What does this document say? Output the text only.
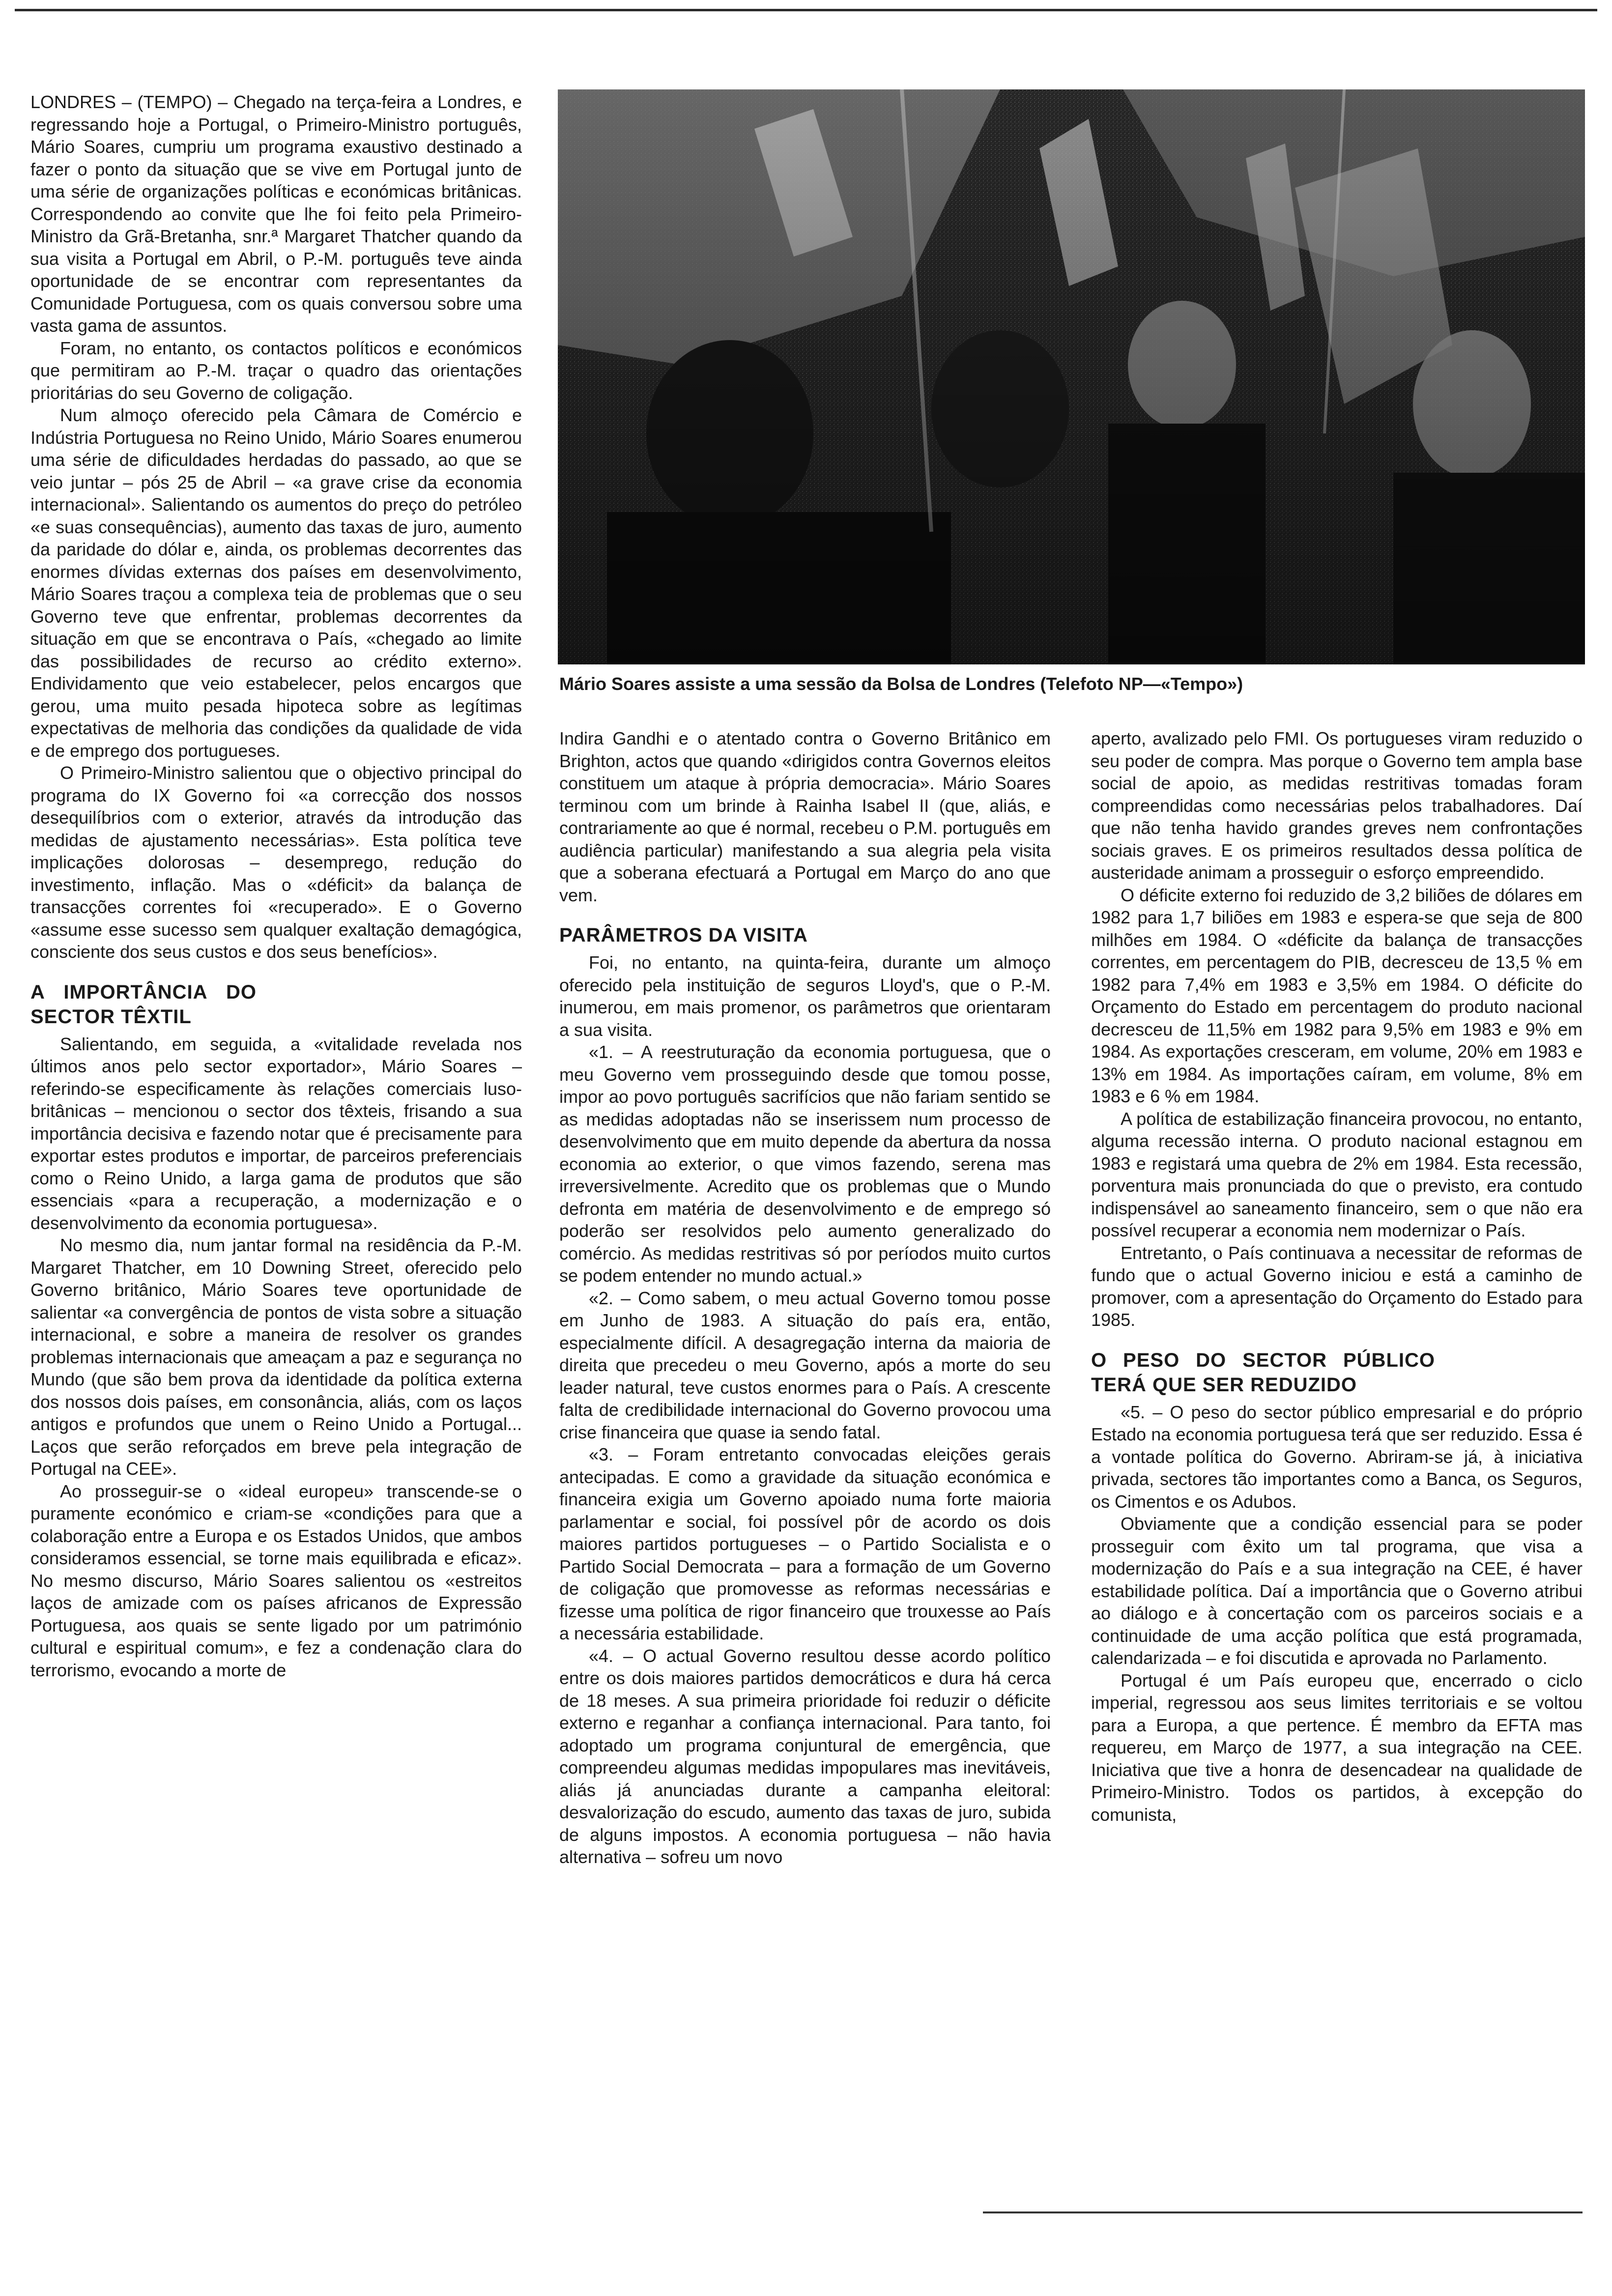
LONDRES – (TEMPO) – Chegado na terça-feira a Londres, e regressando hoje a Portugal, o Primeiro-Ministro português, Mário Soares, cumpriu um programa exaustivo destinado a fazer o ponto da situação que se vive em Portugal junto de uma série de organizações políticas e económicas britânicas. Correspondendo ao convite que lhe foi feito pela Primeiro-Ministro da Grã-Bretanha, snr.ª Margaret Thatcher quando da sua visita a Portugal em Abril, o P.-M. português teve ainda oportunidade de se encontrar com representantes da Comunidade Portuguesa, com os quais conversou sobre uma vasta gama de assuntos.

Foram, no entanto, os contactos políticos e económicos que permitiram ao P.-M. traçar o quadro das orientações prioritárias do seu Governo de coligação.

Num almoço oferecido pela Câmara de Comércio e Indústria Portuguesa no Reino Unido, Mário Soares enumerou uma série de dificuldades herdadas do passado, ao que se veio juntar – pós 25 de Abril – «a grave crise da economia internacional». Salientando os aumentos do preço do petróleo «e suas consequências), aumento das taxas de juro, aumento da paridade do dólar e, ainda, os problemas decorrentes das enormes dívidas externas dos países em desenvolvimento, Mário Soares traçou a complexa teia de problemas que o seu Governo teve que enfrentar, problemas decorrentes da situação em que se encontrava o País, «chegado ao limite das possibilidades de recurso ao crédito externo». Endividamento que veio estabelecer, pelos encargos que gerou, uma muito pesada hipoteca sobre as legítimas expectativas de melhoria das condições da qualidade de vida e de emprego dos portugueses.

O Primeiro-Ministro salientou que o objectivo principal do programa do IX Governo foi «a correcção dos nossos desequilíbrios com o exterior, através da introdução das medidas de ajustamento necessárias». Esta política teve implicações dolorosas – desemprego, redução do investimento, inflação. Mas o «déficit» da balança de transacções correntes foi «recuperado». E o Governo «assume esse sucesso sem qualquer exaltação demagógica, consciente dos seus custos e dos seus benefícios».

A IMPORTÂNCIA DO SECTOR TÊXTIL

Salientando, em seguida, a «vitalidade revelada nos últimos anos pelo sector exportador», Mário Soares – referindo-se especificamente às relações comerciais luso-britânicas – mencionou o sector dos têxteis, frisando a sua importância decisiva e fazendo notar que é precisamente para exportar estes produtos e importar, de parceiros preferenciais como o Reino Unido, a larga gama de produtos que são essenciais «para a recuperação, a modernização e o desenvolvimento da economia portuguesa».

No mesmo dia, num jantar formal na residência da P.-M. Margaret Thatcher, em 10 Downing Street, oferecido pelo Governo britânico, Mário Soares teve oportunidade de salientar «a convergência de pontos de vista sobre a situação internacional, e sobre a maneira de resolver os grandes problemas internacionais que ameaçam a paz e segurança no Mundo (que são bem prova da identidade da política externa dos nossos dois países, em consonância, aliás, com os laços antigos e profundos que unem o Reino Unido a Portugal... Laços que serão reforçados em breve pela integração de Portugal na CEE».

Ao prosseguir-se o «ideal europeu» transcende-se o puramente económico e criam-se «condições para que a colaboração entre a Europa e os Estados Unidos, que ambos consideramos essencial, se torne mais equilibrada e eficaz». No mesmo discurso, Mário Soares salientou os «estreitos laços de amizade com os países africanos de Expressão Portuguesa, aos quais se sente ligado por um património cultural e espiritual comum», e fez a condenação clara do terrorismo, evocando a morte de

Mário Soares assiste a uma sessão da Bolsa de Londres (Telefoto NP—«Tempo»)

Indira Gandhi e o atentado contra o Governo Britânico em Brighton, actos que quando «dirigidos contra Governos eleitos constituem um ataque à própria democracia». Mário Soares terminou com um brinde à Rainha Isabel II (que, aliás, e contrariamente ao que é normal, recebeu o P.M. português em audiência particular) manifestando a sua alegria pela visita que a soberana efectuará a Portugal em Março do ano que vem.

PARÂMETROS DA VISITA

Foi, no entanto, na quinta-feira, durante um almoço oferecido pela instituição de seguros Lloyd's, que o P.-M. inumerou, em mais promenor, os parâmetros que orientaram a sua visita.

«1. – A reestruturação da economia portuguesa, que o meu Governo vem prosseguindo desde que tomou posse, impor ao povo português sacrifícios que não fariam sentido se as medidas adoptadas não se inserissem num processo de desenvolvimento que em muito depende da abertura da nossa economia ao exterior, o que vimos fazendo, serena mas irreversivelmente. Acredito que os problemas que o Mundo defronta em matéria de desenvolvimento e de emprego só poderão ser resolvidos pelo aumento generalizado do comércio. As medidas restritivas só por períodos muito curtos se podem entender no mundo actual.»

«2. – Como sabem, o meu actual Governo tomou posse em Junho de 1983. A situação do país era, então, especialmente difícil. A desagregação interna da maioria de direita que precedeu o meu Governo, após a morte do seu leader natural, teve custos enormes para o País. A crescente falta de credibilidade internacional do Governo provocou uma crise financeira que quase ia sendo fatal.

«3. – Foram entretanto convocadas eleições gerais antecipadas. E como a gravidade da situação económica e financeira exigia um Governo apoiado numa forte maioria parlamentar e social, foi possível pôr de acordo os dois maiores partidos portugueses – o Partido Socialista e o Partido Social Democrata – para a formação de um Governo de coligação que promovesse as reformas necessárias e fizesse uma política de rigor financeiro que trouxesse ao País a necessária estabilidade.

«4. – O actual Governo resultou desse acordo político entre os dois maiores partidos democráticos e dura há cerca de 18 meses. A sua primeira prioridade foi reduzir o déficite externo e reganhar a confiança internacional. Para tanto, foi adoptado um programa conjuntural de emergência, que compreendeu algumas medidas impopulares mas inevitáveis, aliás já anunciadas durante a campanha eleitoral: desvalorização do escudo, aumento das taxas de juro, subida de alguns impostos. A economia portuguesa – não havia alternativa – sofreu um novo

aperto, avalizado pelo FMI. Os portugueses viram reduzido o seu poder de compra. Mas porque o Governo tem ampla base social de apoio, as medidas restritivas tomadas foram compreendidas como necessárias pelos trabalhadores. Daí que não tenha havido grandes greves nem confrontações sociais graves. E os primeiros resultados dessa política de austeridade animam a prosseguir o esforço empreendido.

O déficite externo foi reduzido de 3,2 biliões de dólares em 1982 para 1,7 biliões em 1983 e espera-se que seja de 800 milhões em 1984. O «déficite da balança de transacções correntes, em percentagem do PIB, decresceu de 13,5 % em 1982 para 7,4% em 1983 e 3,5% em 1984. O déficite do Orçamento do Estado em percentagem do produto nacional decresceu de 11,5% em 1982 para 9,5% em 1983 e 9% em 1984. As exportações cresceram, em volume, 20% em 1983 e 13% em 1984. As importações caíram, em volume, 8% em 1983 e 6 % em 1984.

A política de estabilização financeira provocou, no entanto, alguma recessão interna. O produto nacional estagnou em 1983 e registará uma quebra de 2% em 1984. Esta recessão, porventura mais pronunciada do que o previsto, era contudo indispensável ao saneamento financeiro, sem o que não era possível recuperar a economia nem modernizar o País.

Entretanto, o País continuava a necessitar de reformas de fundo que o actual Governo iniciou e está a caminho de promover, com a apresentação do Orçamento do Estado para 1985.

O PESO DO SECTOR PÚBLICO TERÁ QUE SER REDUZIDO

«5. – O peso do sector público empresarial e do próprio Estado na economia portuguesa terá que ser reduzido. Essa é a vontade política do Governo. Abriram-se já, à iniciativa privada, sectores tão importantes como a Banca, os Seguros, os Cimentos e os Adubos.

Obviamente que a condição essencial para se poder prosseguir com êxito um tal programa, que visa a modernização do País e a sua integração na CEE, é haver estabilidade política. Daí a importância que o Governo atribui ao diálogo e à concertação com os parceiros sociais e a continuidade de uma acção política que está programada, calendarizada – e foi discutida e aprovada no Parlamento.

Portugal é um País europeu que, encerrado o ciclo imperial, regressou aos seus limites territoriais e se voltou para a Europa, a que pertence. É membro da EFTA mas requereu, em Março de 1977, a sua integração na CEE. Iniciativa que tive a honra de desencadear na qualidade de Primeiro-Ministro. Todos os partidos, à excepção do comunista,
